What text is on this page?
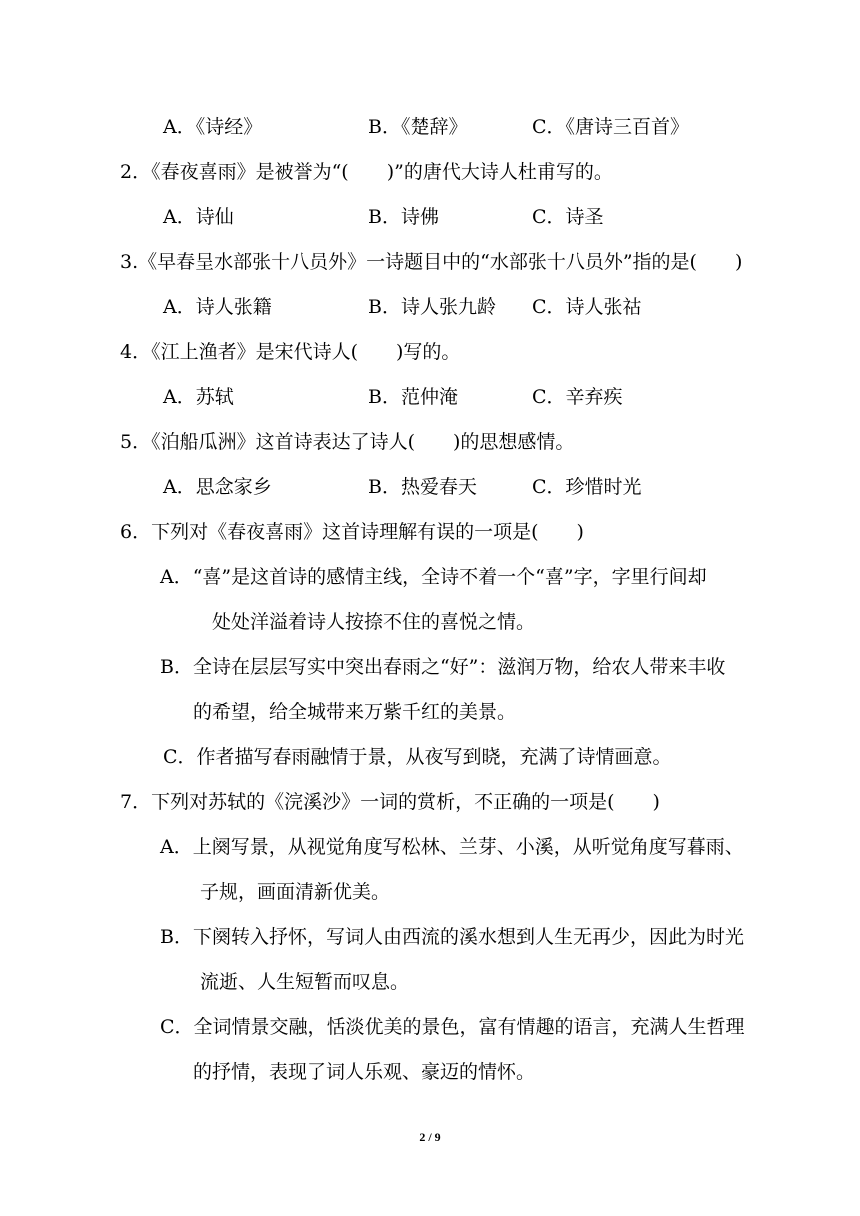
A．《诗经》	B．《楚辞》	C．《唐诗三百首》
2．《春夜喜雨》是被誉为“(　　)”的唐代大诗人杜甫写的。
A．诗仙	B．诗佛	C．诗圣
3.《早春呈水部张十八员外》一诗题目中的“水部张十八员外”指的是(　　)
A．诗人张籍	B．诗人张九龄 C．诗人张祜
4．《江上渔者》是宋代诗人(　　)写的。
A．苏轼	B．范仲淹	C．辛弃疾
5．《泊船瓜洲》这首诗表达了诗人(　　)的思想感情。
A．思念家乡	B．热爱春天	C．珍惜时光
6．下列对《春夜喜雨》这首诗理解有误的一项是(　　)
A．“喜”是这首诗的感情主线，全诗不着一个“喜”字，字里行间却
处处洋溢着诗人按捺不住的喜悦之情。
B．全诗在层层写实中突出春雨之“好”：滋润万物，给农人带来丰收
的希望，给全城带来万紫千红的美景。
C．作者描写春雨融情于景，从夜写到晓，充满了诗情画意。
7．下列对苏轼的《浣溪沙》一词的赏析，不正确的一项是(　　)
A．上阕写景，从视觉角度写松林、兰芽、小溪，从听觉角度写暮雨、
子规，画面清新优美。
B．下阕转入抒怀，写词人由西流的溪水想到人生无再少，因此为时光
流逝、人生短暂而叹息。
C．全词情景交融，恬淡优美的景色，富有情趣的语言，充满人生哲理
的抒情，表现了词人乐观、豪迈的情怀。
2 / 9
